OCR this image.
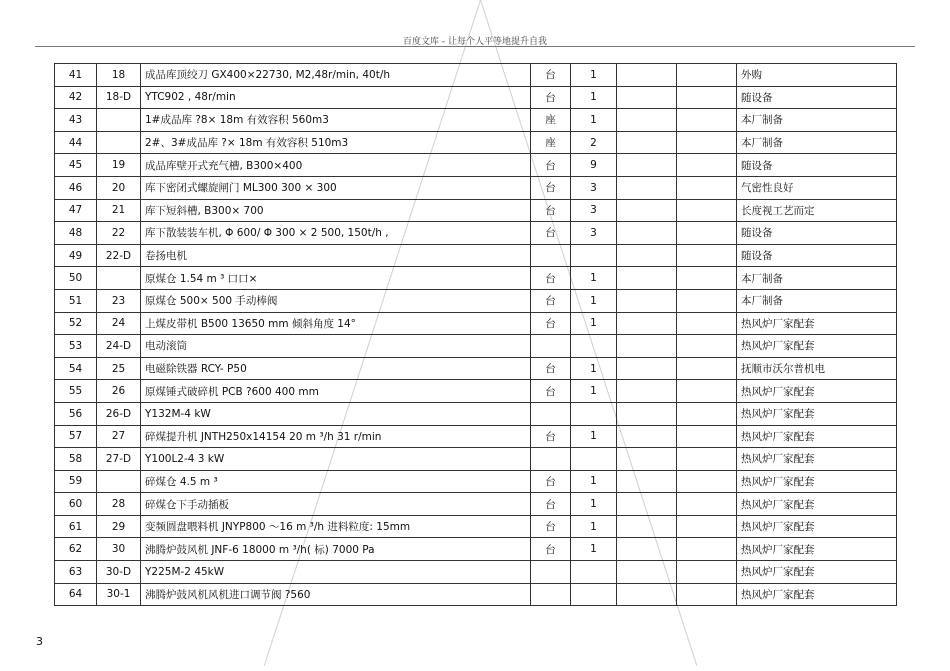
百度文库 - 让每个人平等地提升自我
41	18	成品库顶绞刀 GX400×22730, M2,48r/min, 40t/h	台	1			外购
42	18-D	YTC902 , 48r/min	台	1			随设备
43		1#成品库 ?8× 18m 有效容积 560m3	座	1			本厂制备
44		2#、3#成品库 ?× 18m 有效容积 510m3	座	2			本厂制备
45	19	成品库壁开式充气槽, B300×400	台	9			随设备
46	20	库下密闭式螺旋闸门 ML300 300 × 300	台	3			气密性良好
47	21	库下短斜槽, B300× 700	台	3			长度视工艺而定
48	22	库下散装装车机, Φ 600/ Φ 300 × 2 500, 150t/h ,	台	3			随设备
49	22-D	卷扬电机					随设备
50		原煤仓 1.54 m ³ 口口×	台	1			本厂制备
51	23	原煤仓 500× 500 手动棒阀	台	1			本厂制备
52	24	上煤皮带机 B500 13650 mm 倾斜角度 14°	台	1			热风炉厂家配套
53	24-D	电动滚筒					热风炉厂家配套
54	25	电磁除铁器 RCY- P50	台	1			抚顺市沃尔普机电
55	26	原煤锤式破碎机 PCB ?600 400 mm	台	1			热风炉厂家配套
56	26-D	Y132M-4 kW					热风炉厂家配套
57	27	碎煤提升机 JNTH250x14154 20 m ³/h 31 r/min	台	1			热风炉厂家配套
58	27-D	Y100L2-4 3 kW					热风炉厂家配套
59		碎煤仓 4.5 m ³	台	1			热风炉厂家配套
60	28	碎煤仓下手动插板	台	1			热风炉厂家配套
61	29	变频圆盘喂料机 JNYP800 ～16 m ³/h 进料粒度: 15mm	台	1			热风炉厂家配套
62	30	沸腾炉鼓风机 JNF-6 18000 m ³/h( 标) 7000 Pa	台	1			热风炉厂家配套
63	30-D	Y225M-2 45kW					热风炉厂家配套
64	30-1	沸腾炉鼓风机风机进口调节阀 ?560					热风炉厂家配套
3
